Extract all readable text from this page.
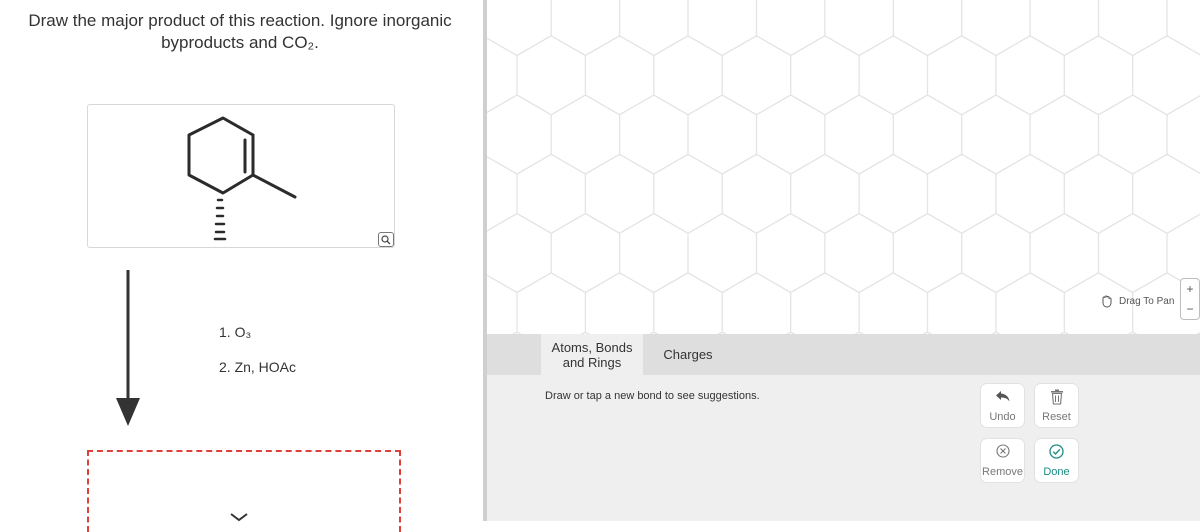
Draw the major product of this reaction. Ignore inorganic
byproducts and CO₂.
1. O₃
2. Zn, HOAc
Drag To Pan
+
−
Atoms, Bonds and Rings	Charges
Draw or tap a new bond to see suggestions.
Undo Reset
Remove Done
